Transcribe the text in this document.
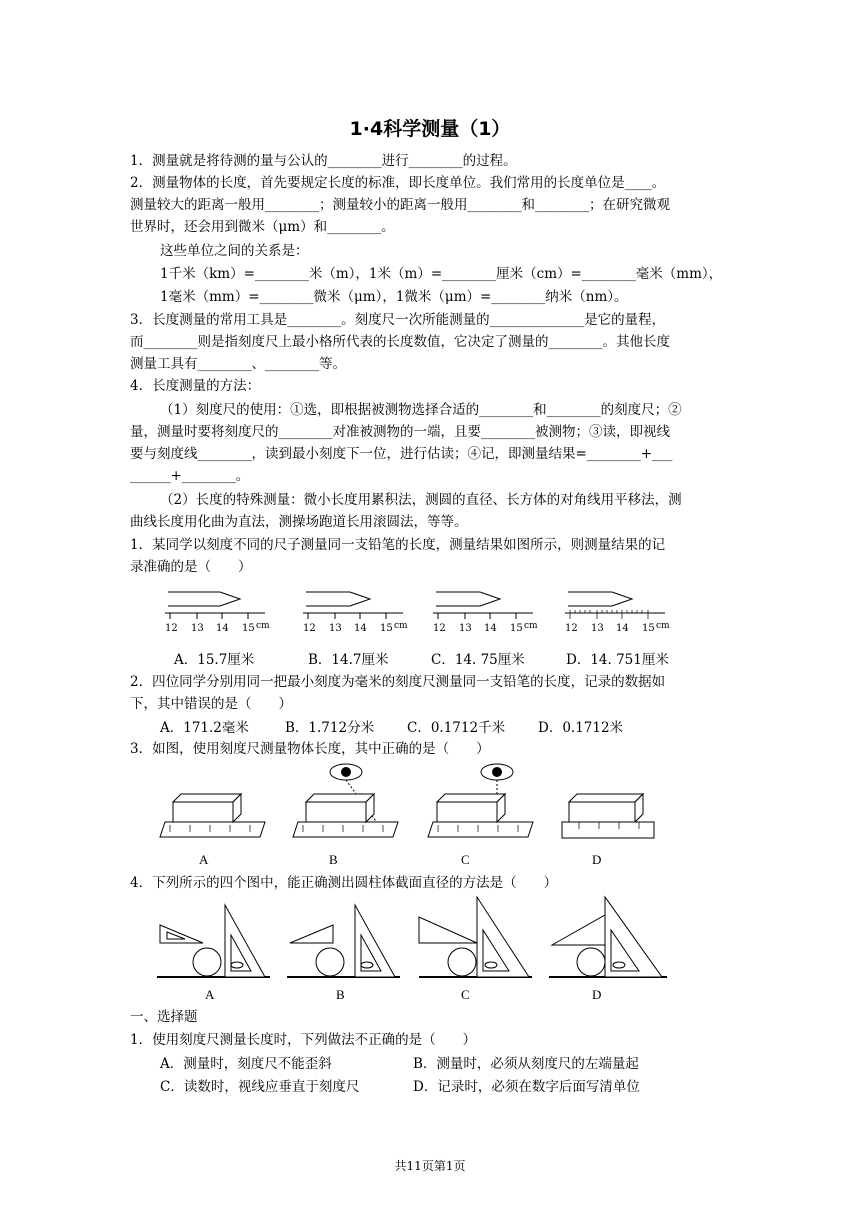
1·4科学测量（1）
1．测量就是将待测的量与公认的________进行________的过程。
2．测量物体的长度，首先要规定长度的标准，即长度单位。我们常用的长度单位是____。
测量较大的距离一般用________；测量较小的距离一般用________和________；在研究微观
世界时，还会用到微米（μm）和________。
这些单位之间的关系是：
1千米（km）=________米（m），1米（m）=________厘米（cm）=________毫米（mm），
1毫米（mm）=________微米（μm），1微米（μm）=________纳米（nm）。
3．长度测量的常用工具是________。刻度尺一次所能测量的______________是它的量程，
而________则是指刻度尺上最小格所代表的长度数值，它决定了测量的________。其他长度
测量工具有________、________等。
4．长度测量的方法：
（1）刻度尺的使用：①选，即根据被测物选择合适的________和________的刻度尺；②
量，测量时要将刻度尺的________对准被测物的一端，且要________被测物；③读，即视线
要与刻度线________，读到最小刻度下一位，进行估读；④记，即测量结果=________+___
______+________。
（2）长度的特殊测量：微小长度用累积法，测圆的直径、长方体的对角线用平移法，测
曲线长度用化曲为直法，测操场跑道长用滚圆法，等等。
1．某同学以刻度不同的尺子测量同一支铅笔的长度，测量结果如图所示，则测量结果的记
录准确的是（　　）
12 13 14 15 cm	12 13 14 15 cm	12 13 14 15 cm	12 13 14 15 cm
A．15.7厘米	B．14.7厘米	C．14. 75厘米	D．14. 751厘米
2．四位同学分别用同一把最小刻度为毫米的刻度尺测量同一支铅笔的长度，记录的数据如
下，其中错误的是（　　）
A．171.2毫米	B．1.712分米 C．0.1712千米 D．0.1712米
3．如图，使用刻度尺测量物体长度，其中正确的是（　　）
A	B	C	D
4．下列所示的四个图中，能正确测出圆柱体截面直径的方法是（　　）
A	B	C	D
一、选择题
1．使用刻度尺测量长度时，下列做法不正确的是（　　）
A．测量时，刻度尺不能歪斜	B．测量时，必须从刻度尺的左端量起
C．读数时，视线应垂直于刻度尺	D．记录时，必须在数字后面写清单位
共11页第1页
